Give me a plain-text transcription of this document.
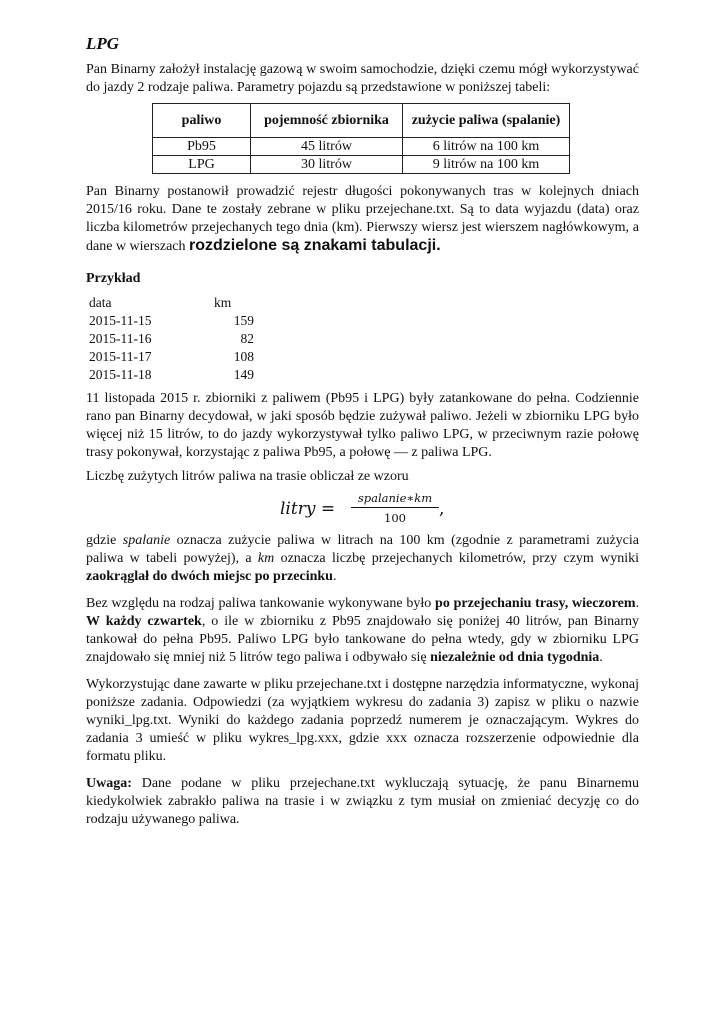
LPG

Pan Binarny założył instalację gazową w swoim samochodzie, dzięki czemu mógł wykorzystywać do jazdy 2 rodzaje paliwa. Parametry pojazdu są przedstawione w poniższej tabeli:

paliwo	pojemność zbiornika	zużycie paliwa (spalanie)
Pb95	45 litrów	6 litrów na 100 km
LPG	30 litrów	9 litrów na 100 km

Pan Binarny postanowił prowadzić rejestr długości pokonywanych tras w kolejnych dniach 2015/16 roku. Dane te zostały zebrane w pliku przejechane.txt. Są to data wyjazdu (data) oraz liczba kilometrów przejechanych tego dnia (km). Pierwszy wiersz jest wierszem nagłówkowym, a dane w wierszach rozdzielone są znakami tabulacji.

Przykład
data	km
2015-11-15	159
2015-11-16	82
2015-11-17	108
2015-11-18	149

11 listopada 2015 r. zbiorniki z paliwem (Pb95 i LPG) były zatankowane do pełna. Codziennie rano pan Binarny decydował, w jaki sposób będzie zużywał paliwo. Jeżeli w zbiorniku LPG było więcej niż 15 litrów, to do jazdy wykorzystywał tylko paliwo LPG, w przeciwnym razie połowę trasy pokonywał, korzystając z paliwa Pb95, a połowę — z paliwa LPG.

Liczbę zużytych litrów paliwa na trasie obliczał ze wzoru

litry =
spalanie∗km
100	,

gdzie spalanie oznacza zużycie paliwa w litrach na 100 km (zgodnie z parametrami zużycia paliwa w tabeli powyżej), a km oznacza liczbę przejechanych kilometrów, przy czym wyniki zaokrąglał do dwóch miejsc po przecinku.

Bez względu na rodzaj paliwa tankowanie wykonywane było po przejechaniu trasy, wieczorem. W każdy czwartek, o ile w zbiorniku z Pb95 znajdowało się poniżej 40 litrów, pan Binarny tankował do pełna Pb95. Paliwo LPG było tankowane do pełna wtedy, gdy w zbiorniku LPG znajdowało się mniej niż 5 litrów tego paliwa i odbywało się niezależnie od dnia tygodnia.

Wykorzystując dane zawarte w pliku przejechane.txt i dostępne narzędzia informatyczne, wykonaj poniższe zadania. Odpowiedzi (za wyjątkiem wykresu do zadania 3) zapisz w pliku o nazwie wyniki_lpg.txt. Wyniki do każdego zadania poprzedź numerem je oznaczającym. Wykres do zadania 3 umieść w pliku wykres_lpg.xxx, gdzie xxx oznacza rozszerzenie odpowiednie dla formatu pliku.

Uwaga: Dane podane w pliku przejechane.txt wykluczają sytuację, że panu Binarnemu kiedykolwiek zabrakło paliwa na trasie i w związku z tym musiał on zmieniać decyzję co do rodzaju używanego paliwa.
